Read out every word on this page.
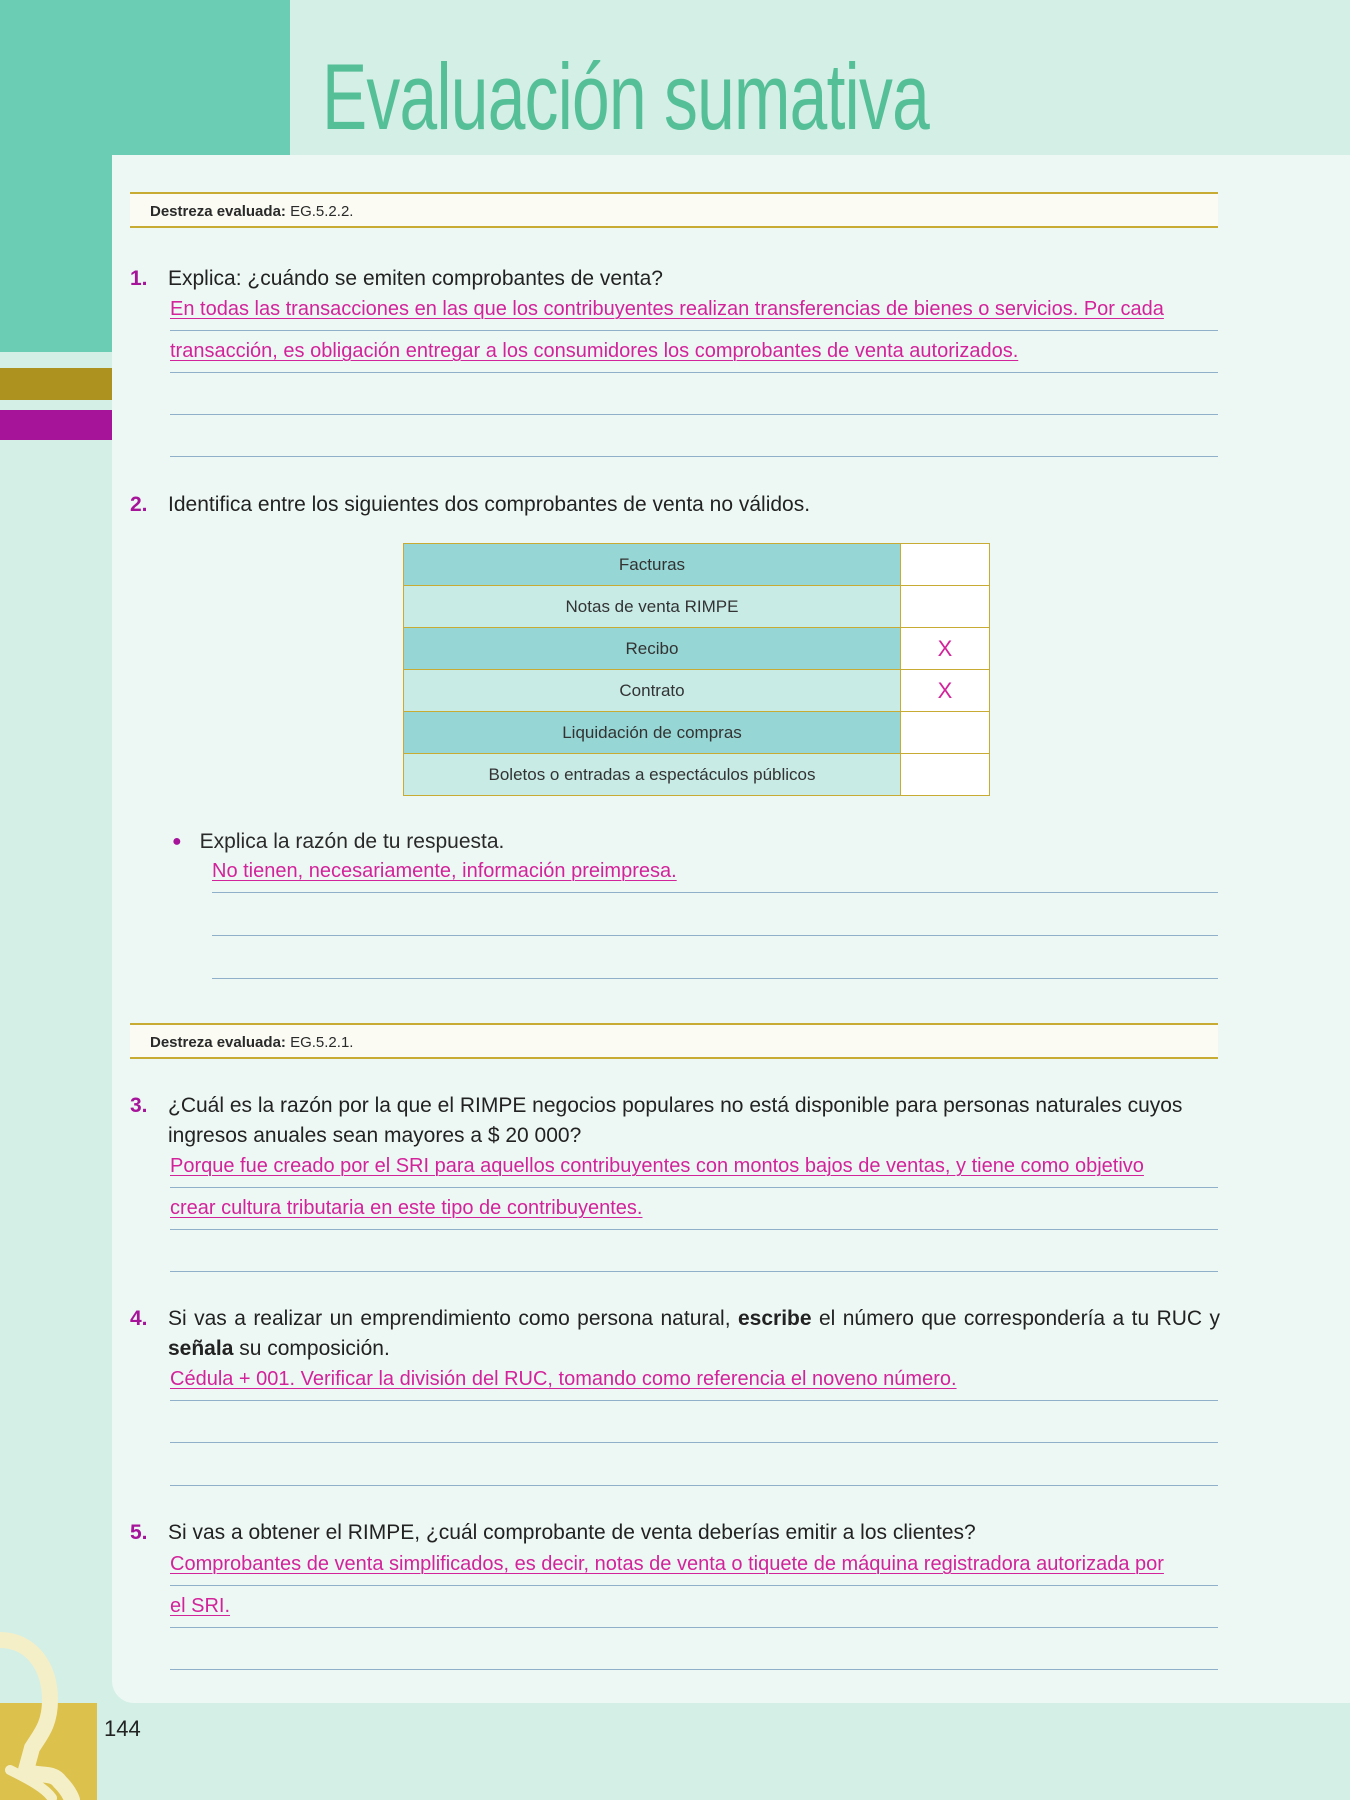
Evaluación sumativa
144
Destreza evaluada: EG.5.2.2.
1. Explica: ¿cuándo se emiten comprobantes de venta?
En todas las transacciones en las que los contribuyentes realizan transferencias de bienes o servicios. Por cada
transacción, es obligación entregar a los consumidores los comprobantes de venta autorizados.
2. Identifica entre los siguientes dos comprobantes de venta no válidos.
Facturas	
Notas de venta RIMPE	
Recibo	X
Contrato	X
Liquidación de compras	
Boletos o entradas a espectáculos públicos	
● Explica la razón de tu respuesta.
No tienen, necesariamente, información preimpresa.
Destreza evaluada: EG.5.2.1.
3. ¿Cuál es la razón por la que el RIMPE negocios populares no está disponible para personas naturales cuyos ingresos anuales sean mayores a $ 20 000?
Porque fue creado por el SRI para aquellos contribuyentes con montos bajos de ventas, y tiene como objetivo
crear cultura tributaria en este tipo de contribuyentes.
4. Si vas a realizar un emprendimiento como persona natural, escribe el número que correspondería a tu RUC y señala su composición.
Cédula + 001. Verificar la división del RUC, tomando como referencia el noveno número.
5. Si vas a obtener el RIMPE, ¿cuál comprobante de venta deberías emitir a los clientes?
Comprobantes de venta simplificados, es decir, notas de venta o tiquete de máquina registradora autorizada por
el SRI.
